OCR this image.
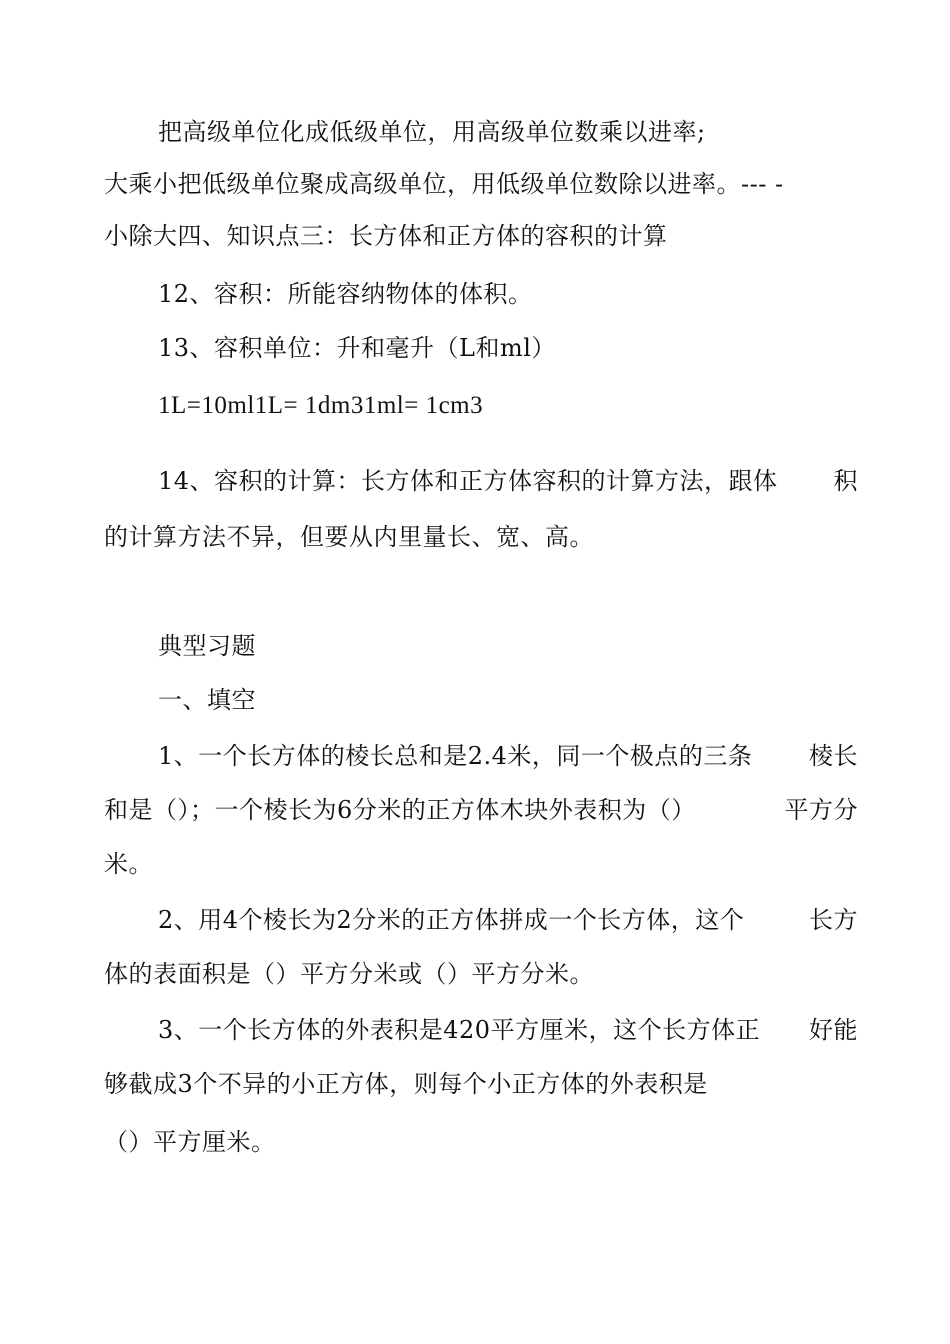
把高级单位化成低级单位，用高级单位数乘以进率;
大乘小把低级单位聚成高级单位，用低级单位数除以进率。--- -
小除大四、知识点三：长方体和正方体的容积的计算
12、容积：所能容纳物体的体积。
13、容积单位：升和毫升（L和ml）
1L=10ml1L= 1dm31ml= 1cm3
14、容积的计算：长方体和正方体容积的计算方法，跟体 积
的计算方法不异，但要从内里量长、宽、高。
典型习题
一、填空
1、一个长方体的棱长总和是2.4米，同一个极点的三条 棱长
和是（）；一个棱长为6分米的正方体木块外表积为（）	平方分
米。
2、用4个棱长为2分米的正方体拼成一个长方体，这个	长方
体的表面积是（）平方分米或（）平方分米。
3、一个长方体的外表积是420平方厘米，这个长方体正 好能
够截成3个不异的小正方体，则每个小正方体的外表积是
（）平方厘米。
